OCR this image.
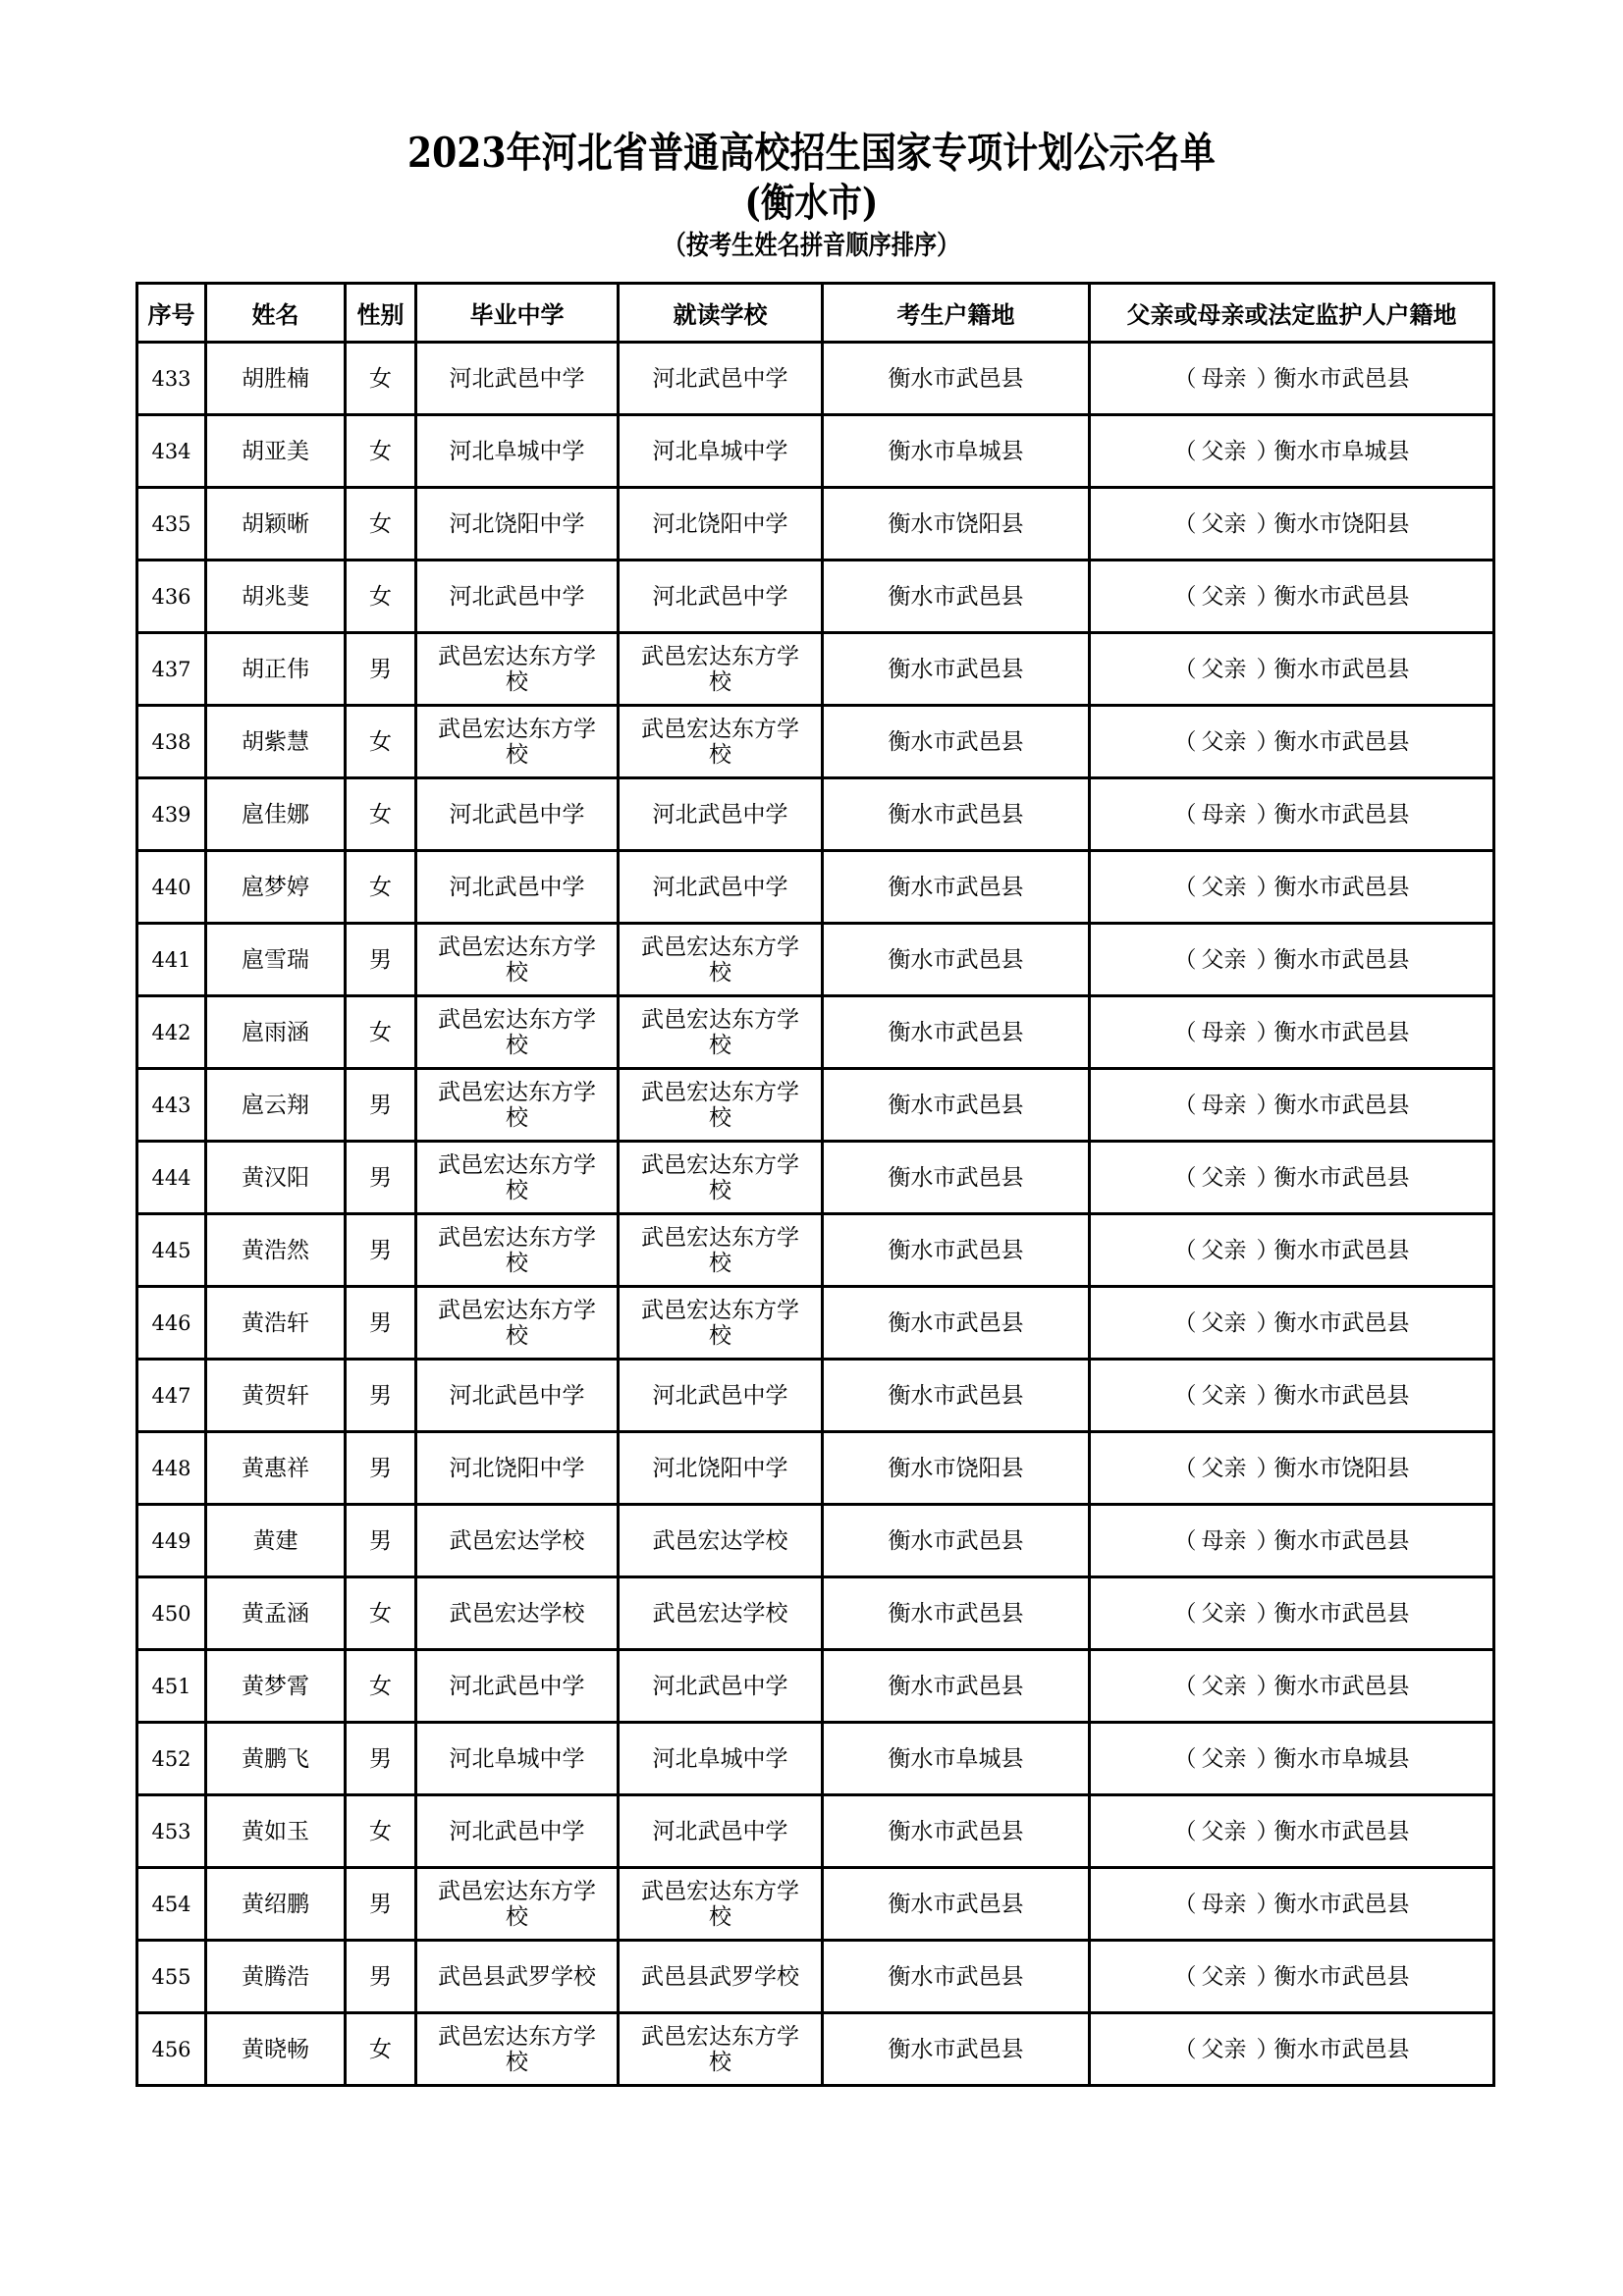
2023年河北省普通高校招生国家专项计划公示名单
(衡水市)
（按考生姓名拼音顺序排序）
序号	姓名	性别	毕业中学	就读学校	考生户籍地	父亲或母亲或法定监护人户籍地
433	胡胜楠	女	河北武邑中学	河北武邑中学	衡水市武邑县	（ 母亲 ）衡水市武邑县
434	胡亚美	女	河北阜城中学	河北阜城中学	衡水市阜城县	（ 父亲 ）衡水市阜城县
435	胡颖晰	女	河北饶阳中学	河北饶阳中学	衡水市饶阳县	（ 父亲 ）衡水市饶阳县
436	胡兆斐	女	河北武邑中学	河北武邑中学	衡水市武邑县	（ 父亲 ）衡水市武邑县
437	胡正伟	男	武邑宏达东方学校	武邑宏达东方学校	衡水市武邑县	（ 父亲 ）衡水市武邑县
438	胡紫慧	女	武邑宏达东方学校	武邑宏达东方学校	衡水市武邑县	（ 父亲 ）衡水市武邑县
439	扈佳娜	女	河北武邑中学	河北武邑中学	衡水市武邑县	（ 母亲 ）衡水市武邑县
440	扈梦婷	女	河北武邑中学	河北武邑中学	衡水市武邑县	（ 父亲 ）衡水市武邑县
441	扈雪瑞	男	武邑宏达东方学校	武邑宏达东方学校	衡水市武邑县	（ 父亲 ）衡水市武邑县
442	扈雨涵	女	武邑宏达东方学校	武邑宏达东方学校	衡水市武邑县	（ 母亲 ）衡水市武邑县
443	扈云翔	男	武邑宏达东方学校	武邑宏达东方学校	衡水市武邑县	（ 母亲 ）衡水市武邑县
444	黄汉阳	男	武邑宏达东方学校	武邑宏达东方学校	衡水市武邑县	（ 父亲 ）衡水市武邑县
445	黄浩然	男	武邑宏达东方学校	武邑宏达东方学校	衡水市武邑县	（ 父亲 ）衡水市武邑县
446	黄浩轩	男	武邑宏达东方学校	武邑宏达东方学校	衡水市武邑县	（ 父亲 ）衡水市武邑县
447	黄贺轩	男	河北武邑中学	河北武邑中学	衡水市武邑县	（ 父亲 ）衡水市武邑县
448	黄惠祥	男	河北饶阳中学	河北饶阳中学	衡水市饶阳县	（ 父亲 ）衡水市饶阳县
449	黄建	男	武邑宏达学校	武邑宏达学校	衡水市武邑县	（ 母亲 ）衡水市武邑县
450	黄孟涵	女	武邑宏达学校	武邑宏达学校	衡水市武邑县	（ 父亲 ）衡水市武邑县
451	黄梦霄	女	河北武邑中学	河北武邑中学	衡水市武邑县	（ 父亲 ）衡水市武邑县
452	黄鹏飞	男	河北阜城中学	河北阜城中学	衡水市阜城县	（ 父亲 ）衡水市阜城县
453	黄如玉	女	河北武邑中学	河北武邑中学	衡水市武邑县	（ 父亲 ）衡水市武邑县
454	黄绍鹏	男	武邑宏达东方学校	武邑宏达东方学校	衡水市武邑县	（ 母亲 ）衡水市武邑县
455	黄腾浩	男	武邑县武罗学校	武邑县武罗学校	衡水市武邑县	（ 父亲 ）衡水市武邑县
456	黄晓畅	女	武邑宏达东方学校	武邑宏达东方学校	衡水市武邑县	（ 父亲 ）衡水市武邑县
